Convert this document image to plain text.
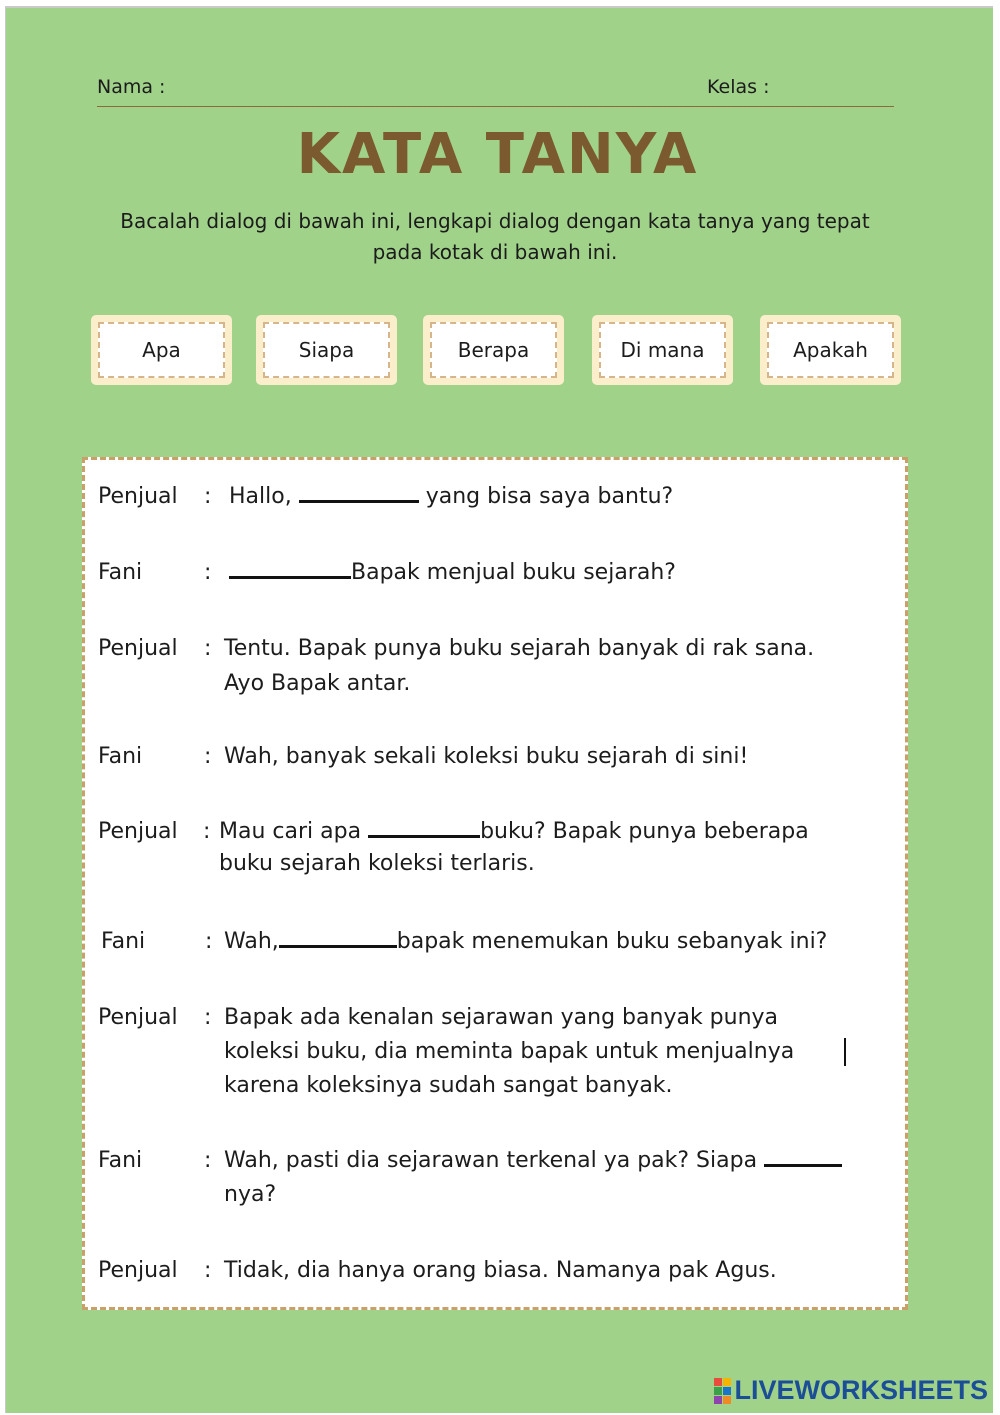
Nama :	Kelas :
KATA TANYA
Bacalah dialog di bawah ini, lengkapi dialog dengan kata tanya yang tepat
pada kotak di bawah ini.
Apa	Siapa	Berapa	Di mana	Apakah
Penjual : Hallo,	yang bisa saya bantu?
Fani	:	Bapak menjual buku sejarah?
Penjual : Tentu. Bapak punya buku sejarah banyak di rak sana.
Ayo Bapak antar.
Fani	: Wah, banyak sekali koleksi buku sejarah di sini!
Penjual : Mau cari apa	buku? Bapak punya beberapa
buku sejarah koleksi terlaris.
Fani	: Wah,	bapak menemukan buku sebanyak ini?
Penjual : Bapak ada kenalan sejarawan yang banyak punya
koleksi buku, dia meminta bapak untuk menjualnya
karena koleksinya sudah sangat banyak.
Fani	: Wah, pasti dia sejarawan terkenal ya pak? Siapa
nya?
Penjual : Tidak, dia hanya orang biasa. Namanya pak Agus.
LIVEWORKSHEETS
